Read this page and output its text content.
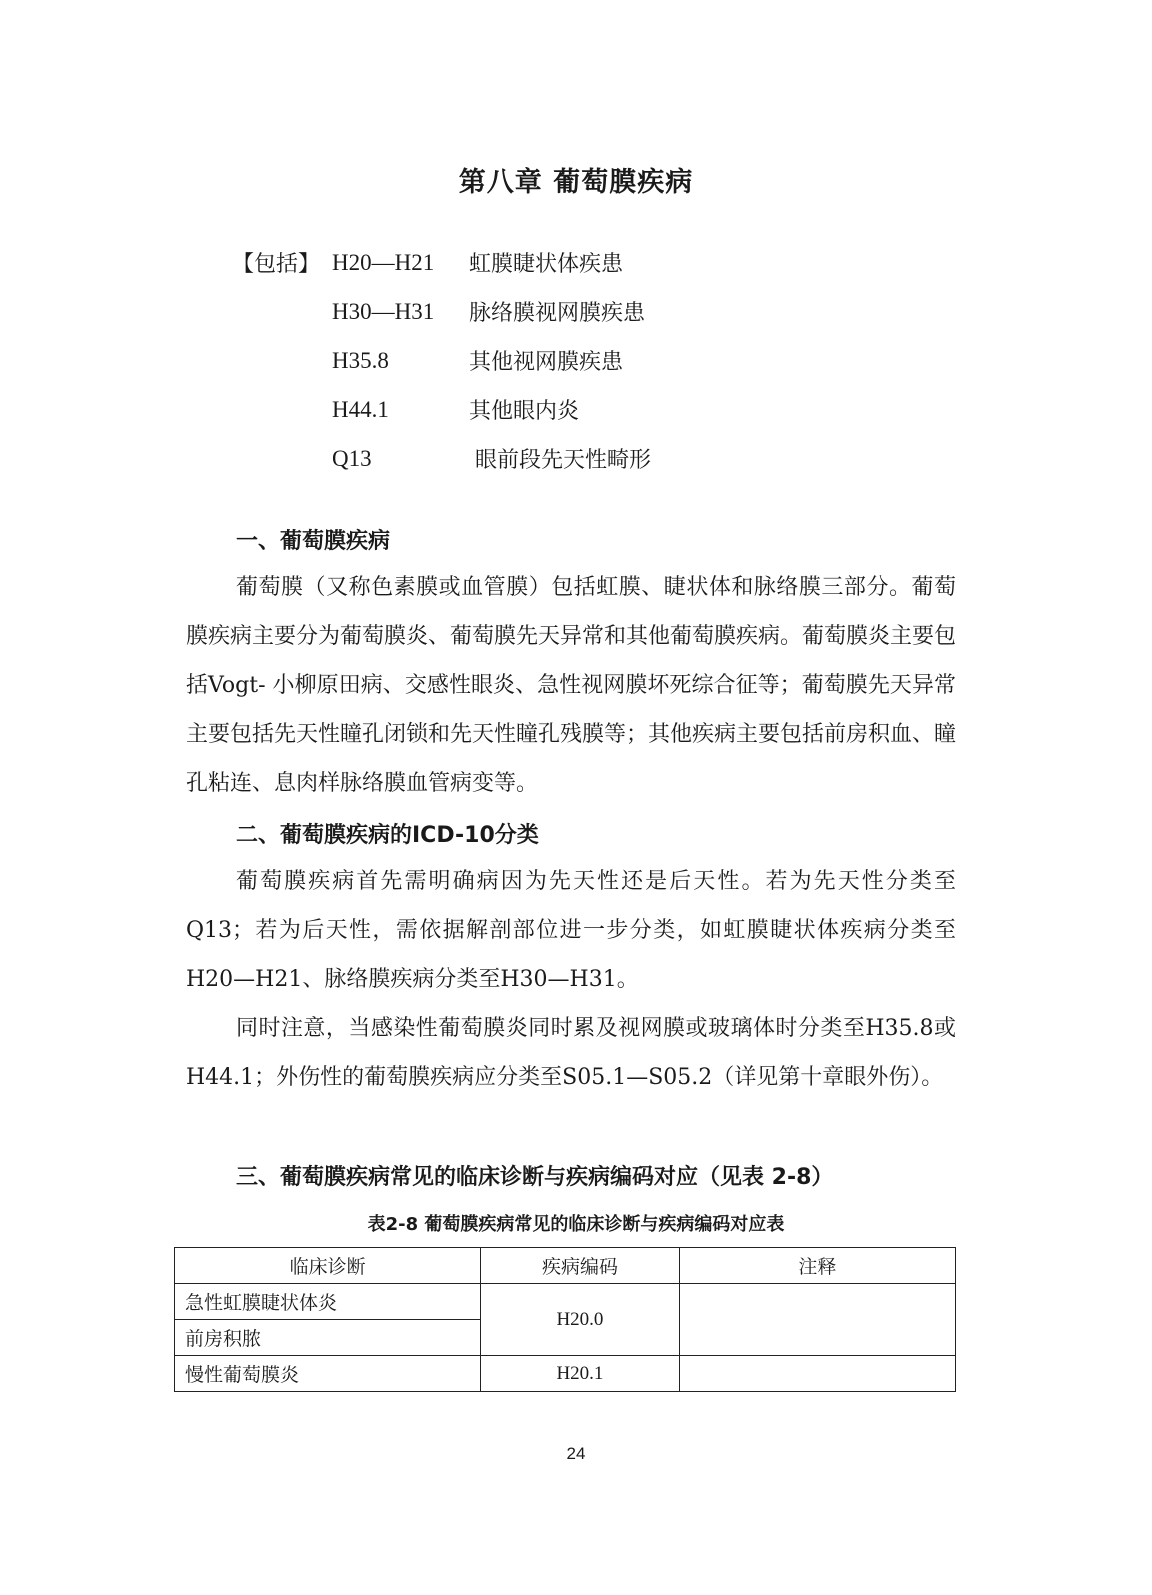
第八章 葡萄膜疾病
【包括】 H20—H21	虹膜睫状体疾患
H30—H31	脉络膜视网膜疾患
H35.8	其他视网膜疾患
H44.1	其他眼内炎
Q13	眼前段先天性畸形
一、葡萄膜疾病
葡萄膜（又称色素膜或血管膜）包括虹膜、睫状体和脉络膜三部分。葡萄膜疾病主要分为葡萄膜炎、葡萄膜先天异常和其他葡萄膜疾病。葡萄膜炎主要包括Vogt- 小柳原田病、交感性眼炎、急性视网膜坏死综合征等；葡萄膜先天异常主要包括先天性瞳孔闭锁和先天性瞳孔残膜等；其他疾病主要包括前房积血、瞳孔粘连、息肉样脉络膜血管病变等。
二、葡萄膜疾病的ICD-10分类
葡萄膜疾病首先需明确病因为先天性还是后天性。若为先天性分类至Q13；若为后天性，需依据解剖部位进一步分类，如虹膜睫状体疾病分类至H20—H21、脉络膜疾病分类至H30—H31。
同时注意，当感染性葡萄膜炎同时累及视网膜或玻璃体时分类至H35.8或H44.1；外伤性的葡萄膜疾病应分类至S05.1—S05.2（详见第十章眼外伤）。
三、葡萄膜疾病常见的临床诊断与疾病编码对应（见表 2-8）
表2-8 葡萄膜疾病常见的临床诊断与疾病编码对应表
临床诊断	疾病编码	注释
急性虹膜睫状体炎	H20.0	
前房积脓		
慢性葡萄膜炎	H20.1	
24
